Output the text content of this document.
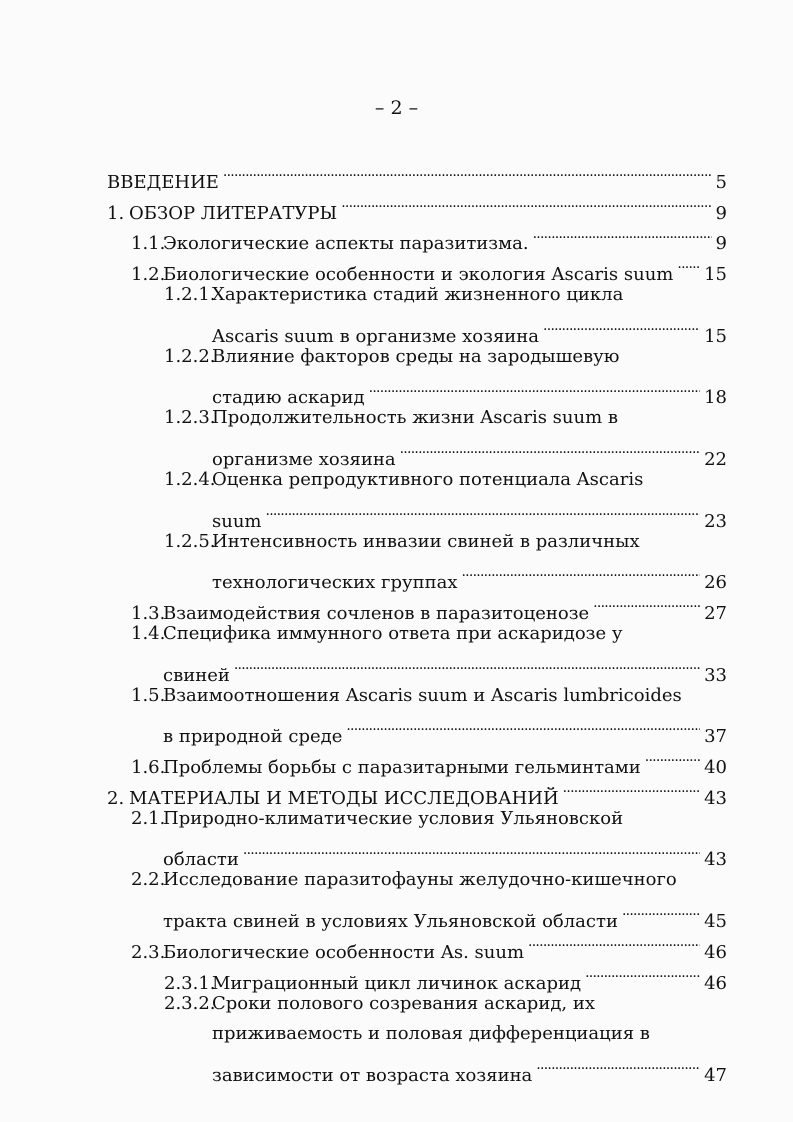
– 2 –
ВВЕДЕНИЕ . . .	5
1. ОБЗОР ЛИТЕРАТУРЫ . . .	9
1.1.
Экологические аспекты паразитизма. . . .	9
1.2.
Биологические особенности и экология Ascaris suum . . . 15
1.2.1.
Характеристика стадий жизненного цикла
Ascaris suum в организме хозяина . . .	15
1.2.2.
Влияние факторов среды на зародышевую
стадию аскарид . . .	18
1.2.3.
Продолжительность жизни Ascaris suum в
организме хозяина . . .	22
1.2.4.
Оценка репродуктивного потенциала Ascaris
suum . . .	23
1.2.5.
Интенсивность инвазии свиней в различных
технологических группах . . .	26
1.3.
Взаимодействия сочленов в паразитоценозе . . .	27
1.4.
Специфика иммунного ответа при аскаридозе у
свиней . . .	33
1.5.
Взаимоотношения Ascaris suum и Ascaris lumbricoides
в природной среде . . .	37
1.6.
Проблемы борьбы с паразитарными гельминтами . . .	40
2. МАТЕРИАЛЫ И МЕТОДЫ ИССЛЕДОВАНИЙ . . .	43
2.1.
Природно-климатические условия Ульяновской
области . . .	43
2.2.
Исследование паразитофауны желудочно-кишечного
тракта свиней в условиях Ульяновской области . . .	45
2.3.
Биологические особенности As. suum . . .	46
2.3.1.
Миграционный цикл личинок аскарид . . .	46
2.3.2.
Сроки полового созревания аскарид, их
приживаемость и половая дифференциация в
зависимости от возраста хозяина . . .	47
